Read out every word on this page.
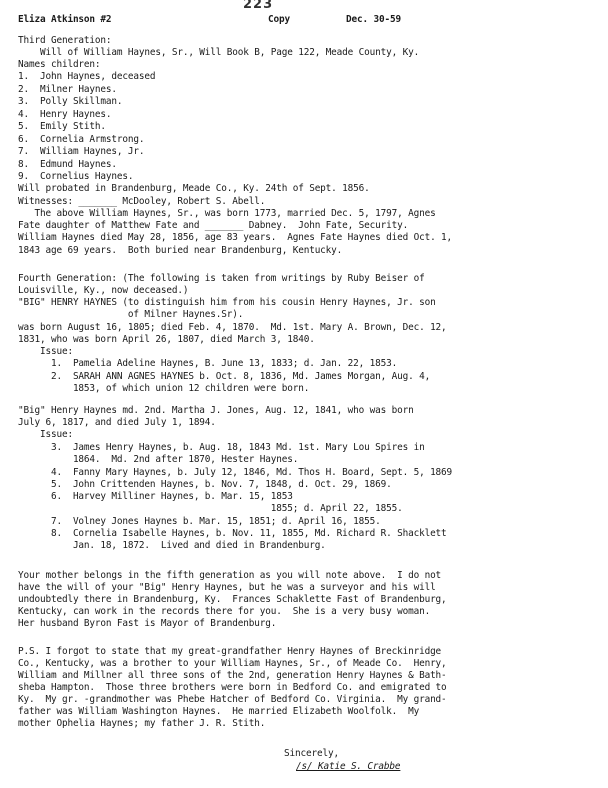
223
Eliza Atkinson #2	Copy	Dec. 30-59
Third Generation:
Will of William Haynes, Sr., Will Book B, Page 122, Meade County, Ky.
Names children:
1.  John Haynes, deceased
2.  Milner Haynes.
3.  Polly Skillman.
4.  Henry Haynes.
5.  Emily Stith.
6.  Cornelia Armstrong.
7.  William Haynes, Jr.
8.  Edmund Haynes.
9.  Cornelius Haynes.
Will probated in Brandenburg, Meade Co., Ky. 24th of Sept. 1856.
Witnesses: _______ McDooley, Robert S. Abell.
The above William Haynes, Sr., was born 1773, married Dec. 5, 1797, Agnes
Fate daughter of Matthew Fate and _______ Dabney.  John Fate, Security.
William Haynes died May 28, 1856, age 83 years.  Agnes Fate Haynes died Oct. 1,
1843 age 69 years.  Both buried near Brandenburg, Kentucky.
Fourth Generation: (The following is taken from writings by Ruby Beiser of
Louisville, Ky., now deceased.)
"BIG" HENRY HAYNES (to distinguish him from his cousin Henry Haynes, Jr. son
of Milner Haynes.Sr).
was born August 16, 1805; died Feb. 4, 1870.  Md. 1st. Mary A. Brown, Dec. 12,
1831, who was born April 26, 1807, died March 3, 1840.
Issue:
1.  Pamelia Adeline Haynes, B. June 13, 1833; d. Jan. 22, 1853.
2.  SARAH ANN AGNES HAYNES b. Oct. 8, 1836, Md. James Morgan, Aug. 4,
1853, of which union 12 children were born.
"Big" Henry Haynes md. 2nd. Martha J. Jones, Aug. 12, 1841, who was born
July 6, 1817, and died July 1, 1894.
Issue:
3.  James Henry Haynes, b. Aug. 18, 1843 Md. 1st. Mary Lou Spires in
1864.  Md. 2nd after 1870, Hester Haynes.
4.  Fanny Mary Haynes, b. July 12, 1846, Md. Thos H. Board, Sept. 5, 1869
5.  John Crittenden Haynes, b. Nov. 7, 1848, d. Oct. 29, 1869.
6.  Harvey Milliner Haynes, b. Mar. 15, 1853
1855; d. April 22, 1855.
7.  Volney Jones Haynes b. Mar. 15, 1851; d. April 16, 1855.
8.  Cornelia Isabelle Haynes, b. Nov. 11, 1855, Md. Richard R. Shacklett
Jan. 18, 1872.  Lived and died in Brandenburg.
Your mother belongs in the fifth generation as you will note above.  I do not
have the will of your "Big" Henry Haynes, but he was a surveyor and his will
undoubtedly there in Brandenburg, Ky.  Frances Schaklette Fast of Brandenburg,
Kentucky, can work in the records there for you.  She is a very busy woman.
Her husband Byron Fast is Mayor of Brandenburg.
P.S. I forgot to state that my great-grandfather Henry Haynes of Breckinridge
Co., Kentucky, was a brother to your William Haynes, Sr., of Meade Co.  Henry,
William and Millner all three sons of the 2nd, generation Henry Haynes & Bath-
sheba Hampton.  Those three brothers were born in Bedford Co. and emigrated to
Ky.  My gr. -grandmother was Phebe Hatcher of Bedford Co. Virginia.  My grand-
father was William Washington Haynes.  He married Elizabeth Woolfolk.  My
mother Ophelia Haynes; my father J. R. Stith.
Sincerely,
/s/ Katie S. Crabbe
